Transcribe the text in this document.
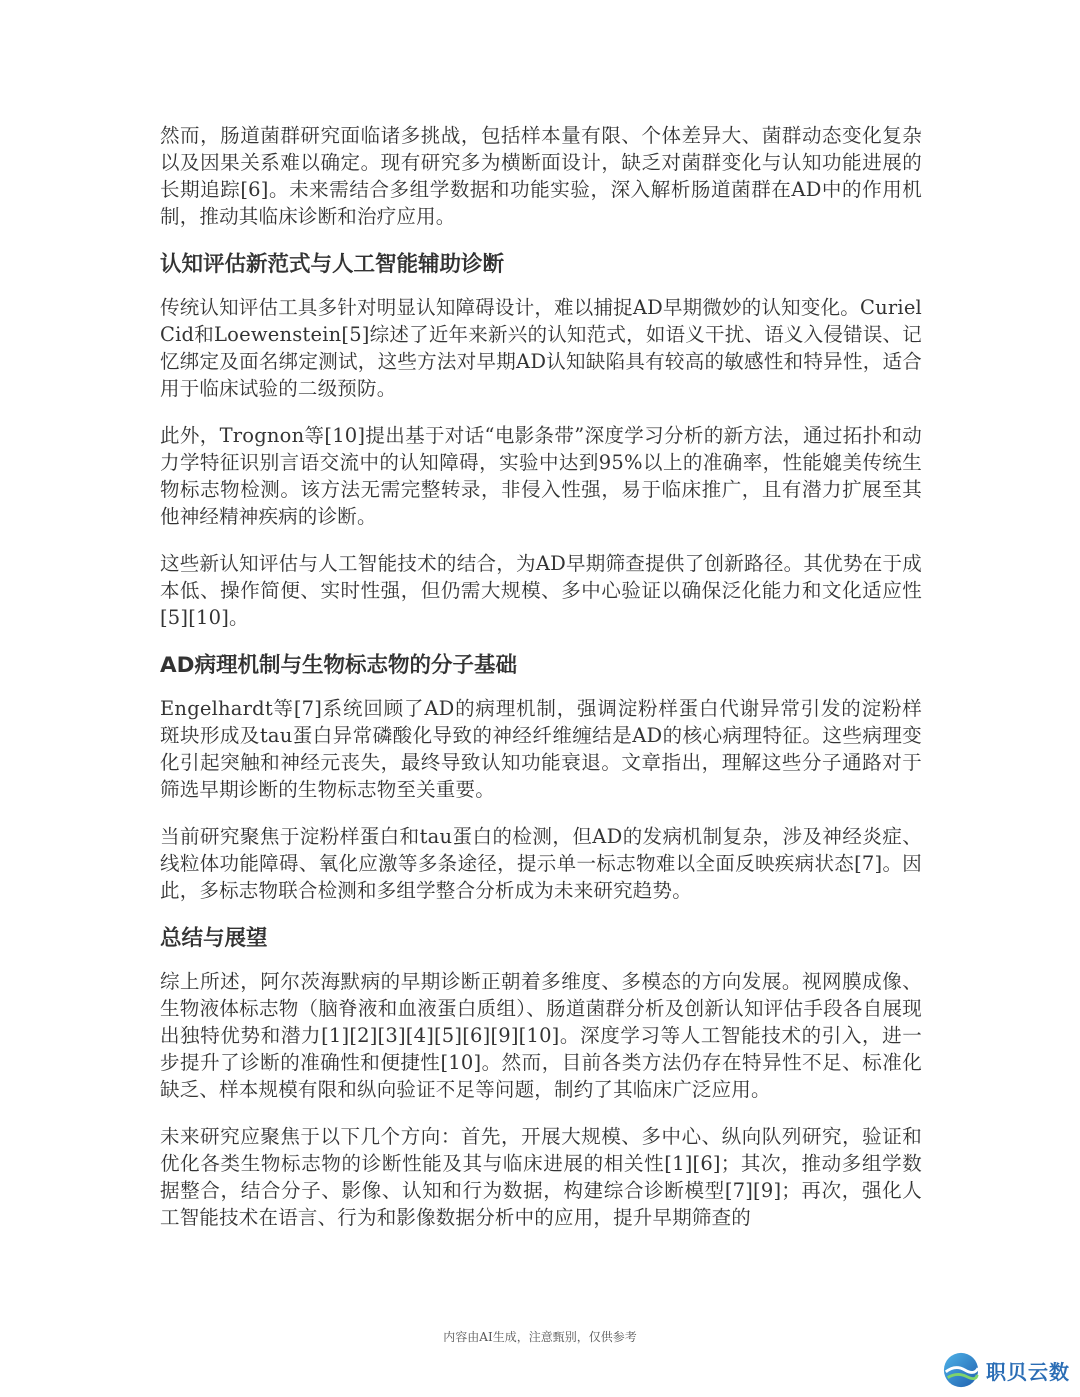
然而，肠道菌群研究面临诸多挑战，包括样本量有限、个体差异大、菌群动态变化复杂以及因果关系难以确定。现有研究多为横断面设计，缺乏对菌群变化与认知功能进展的长期追踪[6]。未来需结合多组学数据和功能实验，深入解析肠道菌群在AD中的作用机制，推动其临床诊断和治疗应用。

认知评估新范式与人工智能辅助诊断

传统认知评估工具多针对明显认知障碍设计，难以捕捉AD早期微妙的认知变化。Curiel Cid和Loewenstein[5]综述了近年来新兴的认知范式，如语义干扰、语义入侵错误、记忆绑定及面名绑定测试，这些方法对早期AD认知缺陷具有较高的敏感性和特异性，适合用于临床试验的二级预防。

此外，Trognon等[10]提出基于对话“电影条带”深度学习分析的新方法，通过拓扑和动力学特征识别言语交流中的认知障碍，实验中达到95%以上的准确率，性能媲美传统生物标志物检测。该方法无需完整转录，非侵入性强，易于临床推广，且有潜力扩展至其他神经精神疾病的诊断。

这些新认知评估与人工智能技术的结合，为AD早期筛查提供了创新路径。其优势在于成本低、操作简便、实时性强，但仍需大规模、多中心验证以确保泛化能力和文化适应性[5][10]。

AD病理机制与生物标志物的分子基础

Engelhardt等[7]系统回顾了AD的病理机制，强调淀粉样蛋白代谢异常引发的淀粉样斑块形成及tau蛋白异常磷酸化导致的神经纤维缠结是AD的核心病理特征。这些病理变化引起突触和神经元丧失，最终导致认知功能衰退。文章指出，理解这些分子通路对于筛选早期诊断的生物标志物至关重要。

当前研究聚焦于淀粉样蛋白和tau蛋白的检测，但AD的发病机制复杂，涉及神经炎症、线粒体功能障碍、氧化应激等多条途径，提示单一标志物难以全面反映疾病状态[7]。因此，多标志物联合检测和多组学整合分析成为未来研究趋势。

总结与展望

综上所述，阿尔茨海默病的早期诊断正朝着多维度、多模态的方向发展。视网膜成像、生物液体标志物（脑脊液和血液蛋白质组）、肠道菌群分析及创新认知评估手段各自展现出独特优势和潜力[1][2][3][4][5][6][9][10]。深度学习等人工智能技术的引入，进一步提升了诊断的准确性和便捷性[10]。然而，目前各类方法仍存在特异性不足、标准化缺乏、样本规模有限和纵向验证不足等问题，制约了其临床广泛应用。

未来研究应聚焦于以下几个方向：首先，开展大规模、多中心、纵向队列研究，验证和优化各类生物标志物的诊断性能及其与临床进展的相关性[1][6]；其次，推动多组学数据整合，结合分子、影像、认知和行为数据，构建综合诊断模型[7][9]；再次，强化人工智能技术在语言、行为和影像数据分析中的应用，提升早期筛查的

内容由AI生成，注意甄别，仅供参考
职贝云数
